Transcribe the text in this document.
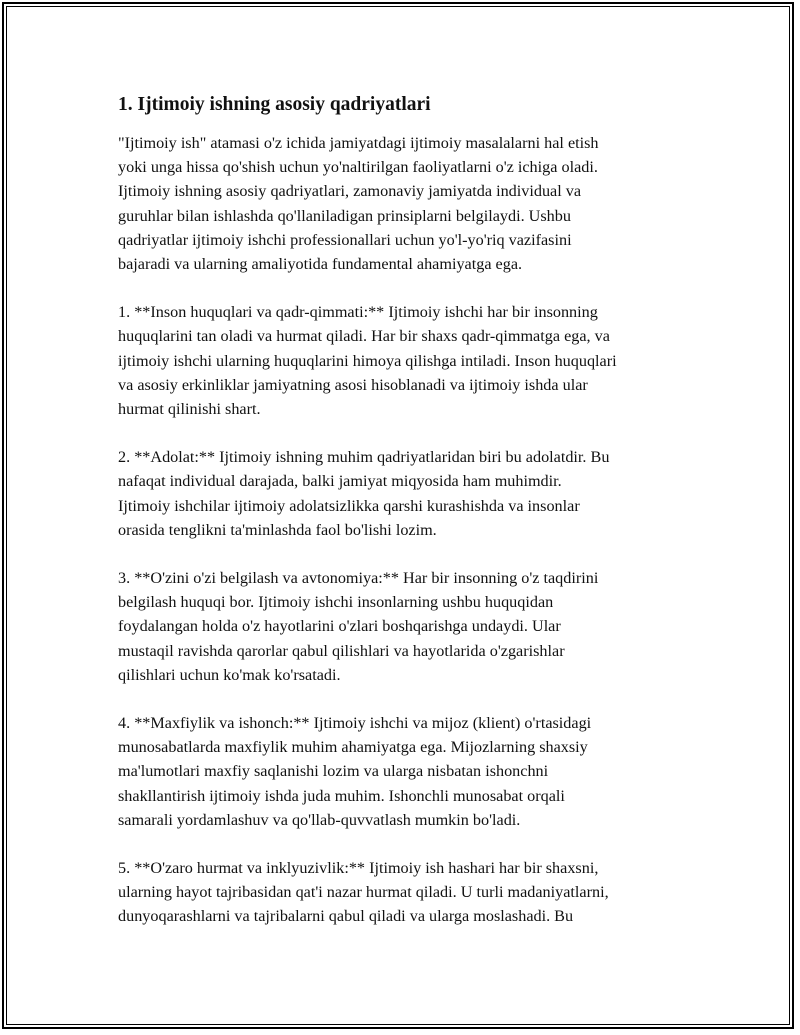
1. Ijtimoiy ishning asosiy qadriyatlari
"Ijtimoiy ish" atamasi o'z ichida jamiyatdagi ijtimoiy masalalarni hal etish
yoki unga hissa qo'shish uchun yo'naltirilgan faoliyatlarni o'z ichiga oladi.
Ijtimoiy ishning asosiy qadriyatlari, zamonaviy jamiyatda individual va
guruhlar bilan ishlashda qo'llaniladigan prinsiplarni belgilaydi. Ushbu
qadriyatlar ijtimoiy ishchi professionallari uchun yo'l-yo'riq vazifasini
bajaradi va ularning amaliyotida fundamental ahamiyatga ega.
1. **Inson huquqlari va qadr-qimmati:** Ijtimoiy ishchi har bir insonning
huquqlarini tan oladi va hurmat qiladi. Har bir shaxs qadr-qimmatga ega, va
ijtimoiy ishchi ularning huquqlarini himoya qilishga intiladi. Inson huquqlari
va asosiy erkinliklar jamiyatning asosi hisoblanadi va ijtimoiy ishda ular
hurmat qilinishi shart.
2. **Adolat:** Ijtimoiy ishning muhim qadriyatlaridan biri bu adolatdir. Bu
nafaqat individual darajada, balki jamiyat miqyosida ham muhimdir.
Ijtimoiy ishchilar ijtimoiy adolatsizlikka qarshi kurashishda va insonlar
orasida tenglikni ta'minlashda faol bo'lishi lozim.
3. **O'zini o'zi belgilash va avtonomiya:** Har bir insonning o'z taqdirini
belgilash huquqi bor. Ijtimoiy ishchi insonlarning ushbu huquqidan
foydalangan holda o'z hayotlarini o'zlari boshqarishga undaydi. Ular
mustaqil ravishda qarorlar qabul qilishlari va hayotlarida o'zgarishlar
qilishlari uchun ko'mak ko'rsatadi.
4. **Maxfiylik va ishonch:** Ijtimoiy ishchi va mijoz (klient) o'rtasidagi
munosabatlarda maxfiylik muhim ahamiyatga ega. Mijozlarning shaxsiy
ma'lumotlari maxfiy saqlanishi lozim va ularga nisbatan ishonchni
shakllantirish ijtimoiy ishda juda muhim. Ishonchli munosabat orqali
samarali yordamlashuv va qo'llab-quvvatlash mumkin bo'ladi.
5. **O'zaro hurmat va inklyuzivlik:** Ijtimoiy ish hashari har bir shaxsni,
ularning hayot tajribasidan qat'i nazar hurmat qiladi. U turli madaniyatlarni,
dunyoqarashlarni va tajribalarni qabul qiladi va ularga moslashadi. Bu
